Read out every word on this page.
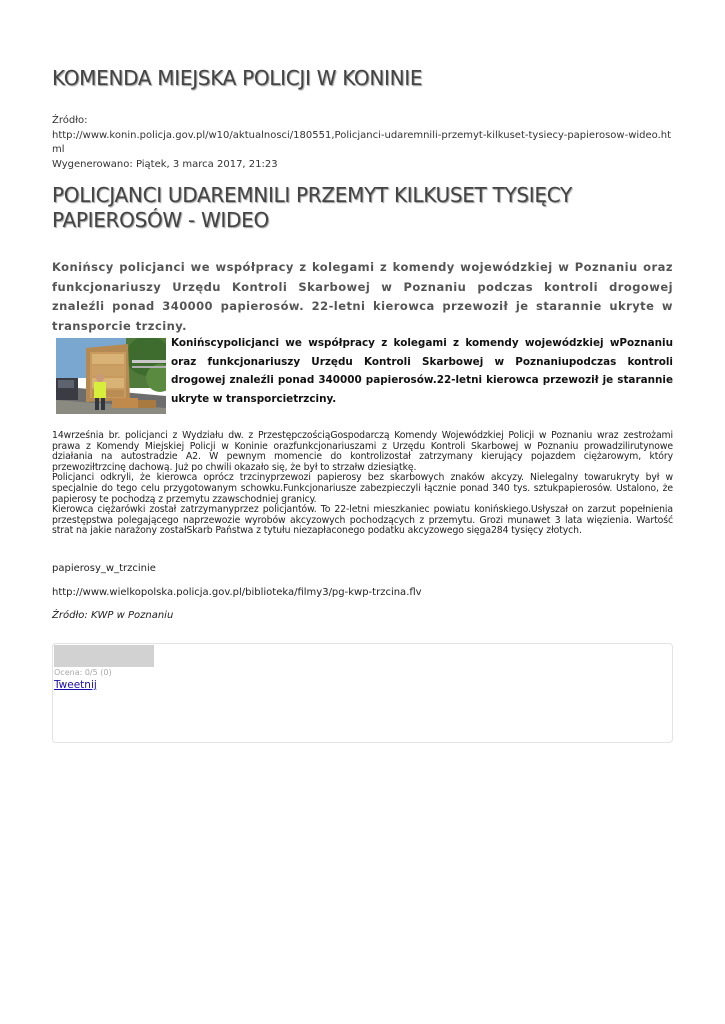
KOMENDA MIEJSKA POLICJI W KONINIE
Źródło:
http://www.konin.policja.gov.pl/w10/aktualnosci/180551,Policjanci-udaremnili-przemyt-kilkuset-tysiecy-papierosow-wideo.html
Wygenerowano: Piątek, 3 marca 2017, 21:23
POLICJANCI UDAREMNILI PRZEMYT KILKUSET TYSIĘCY PAPIEROSÓW - WIDEO

Konińscy policjanci we współpracy z kolegami z komendy wojewódzkiej w Poznaniu oraz funkcjonariuszy Urzędu Kontroli Skarbowej w Poznaniu podczas kontroli drogowej znaleźli ponad 340000 papierosów. 22-letni kierowca przewoził je starannie ukryte w transporcie trzciny.

Konińscypolicjanci we współpracy z kolegami z komendy wojewódzkiej wPoznaniu oraz funkcjonariuszy Urzędu Kontroli Skarbowej w Poznaniupodczas kontroli drogowej znaleźli ponad 340000 papierosów.22-letni kierowca przewoził je starannie ukryte w transporcietrzciny.

14września br. policjanci z Wydziału dw. z PrzestępczościąGospodarczą Komendy Wojewódzkiej Policji w Poznaniu wraz zestrożami prawa z Komendy Miejskiej Policji w Koninie orazfunkcjonariuszami z Urzędu Kontroli Skarbowej w Poznaniu prowadzilirutynowe działania na autostradzie A2. W pewnym momencie do kontrolizostał zatrzymany kierujący pojazdem ciężarowym, który przewoziłtrzcinę dachową. Już po chwili okazało się, że był to strzałw dziesiątkę.

Policjanci odkryli, że kierowca oprócz trzcinyprzewozi papierosy bez skarbowych znaków akcyzy. Nielegalny towarukryty był w specjalnie do tego celu przygotowanym schowku.Funkcjonariusze zabezpieczyli łącznie ponad 340 tys. sztukpapierosów. Ustalono, że papierosy te pochodzą z przemytu zzawschodniej granicy.

Kierowca ciężarówki został zatrzymanyprzez policjantów. To 22-letni mieszkaniec powiatu konińskiego.Usłyszał on zarzut popełnienia przestępstwa polegającego naprzewozie wyrobów akcyzowych pochodzących z przemytu. Grozi munawet 3 lata więzienia. Wartość strat na jakie narażony zostałSkarb Państwa z tytułu niezapłaconego podatku akcyzowego sięga284 tysięcy złotych.

papierosy_w_trzcinie
http://www.wielkopolska.policja.gov.pl/biblioteka/filmy3/pg-kwp-trzcina.flv
Źródło: KWP w Poznaniu
Ocena: 0/5 (0)
Tweetnij
